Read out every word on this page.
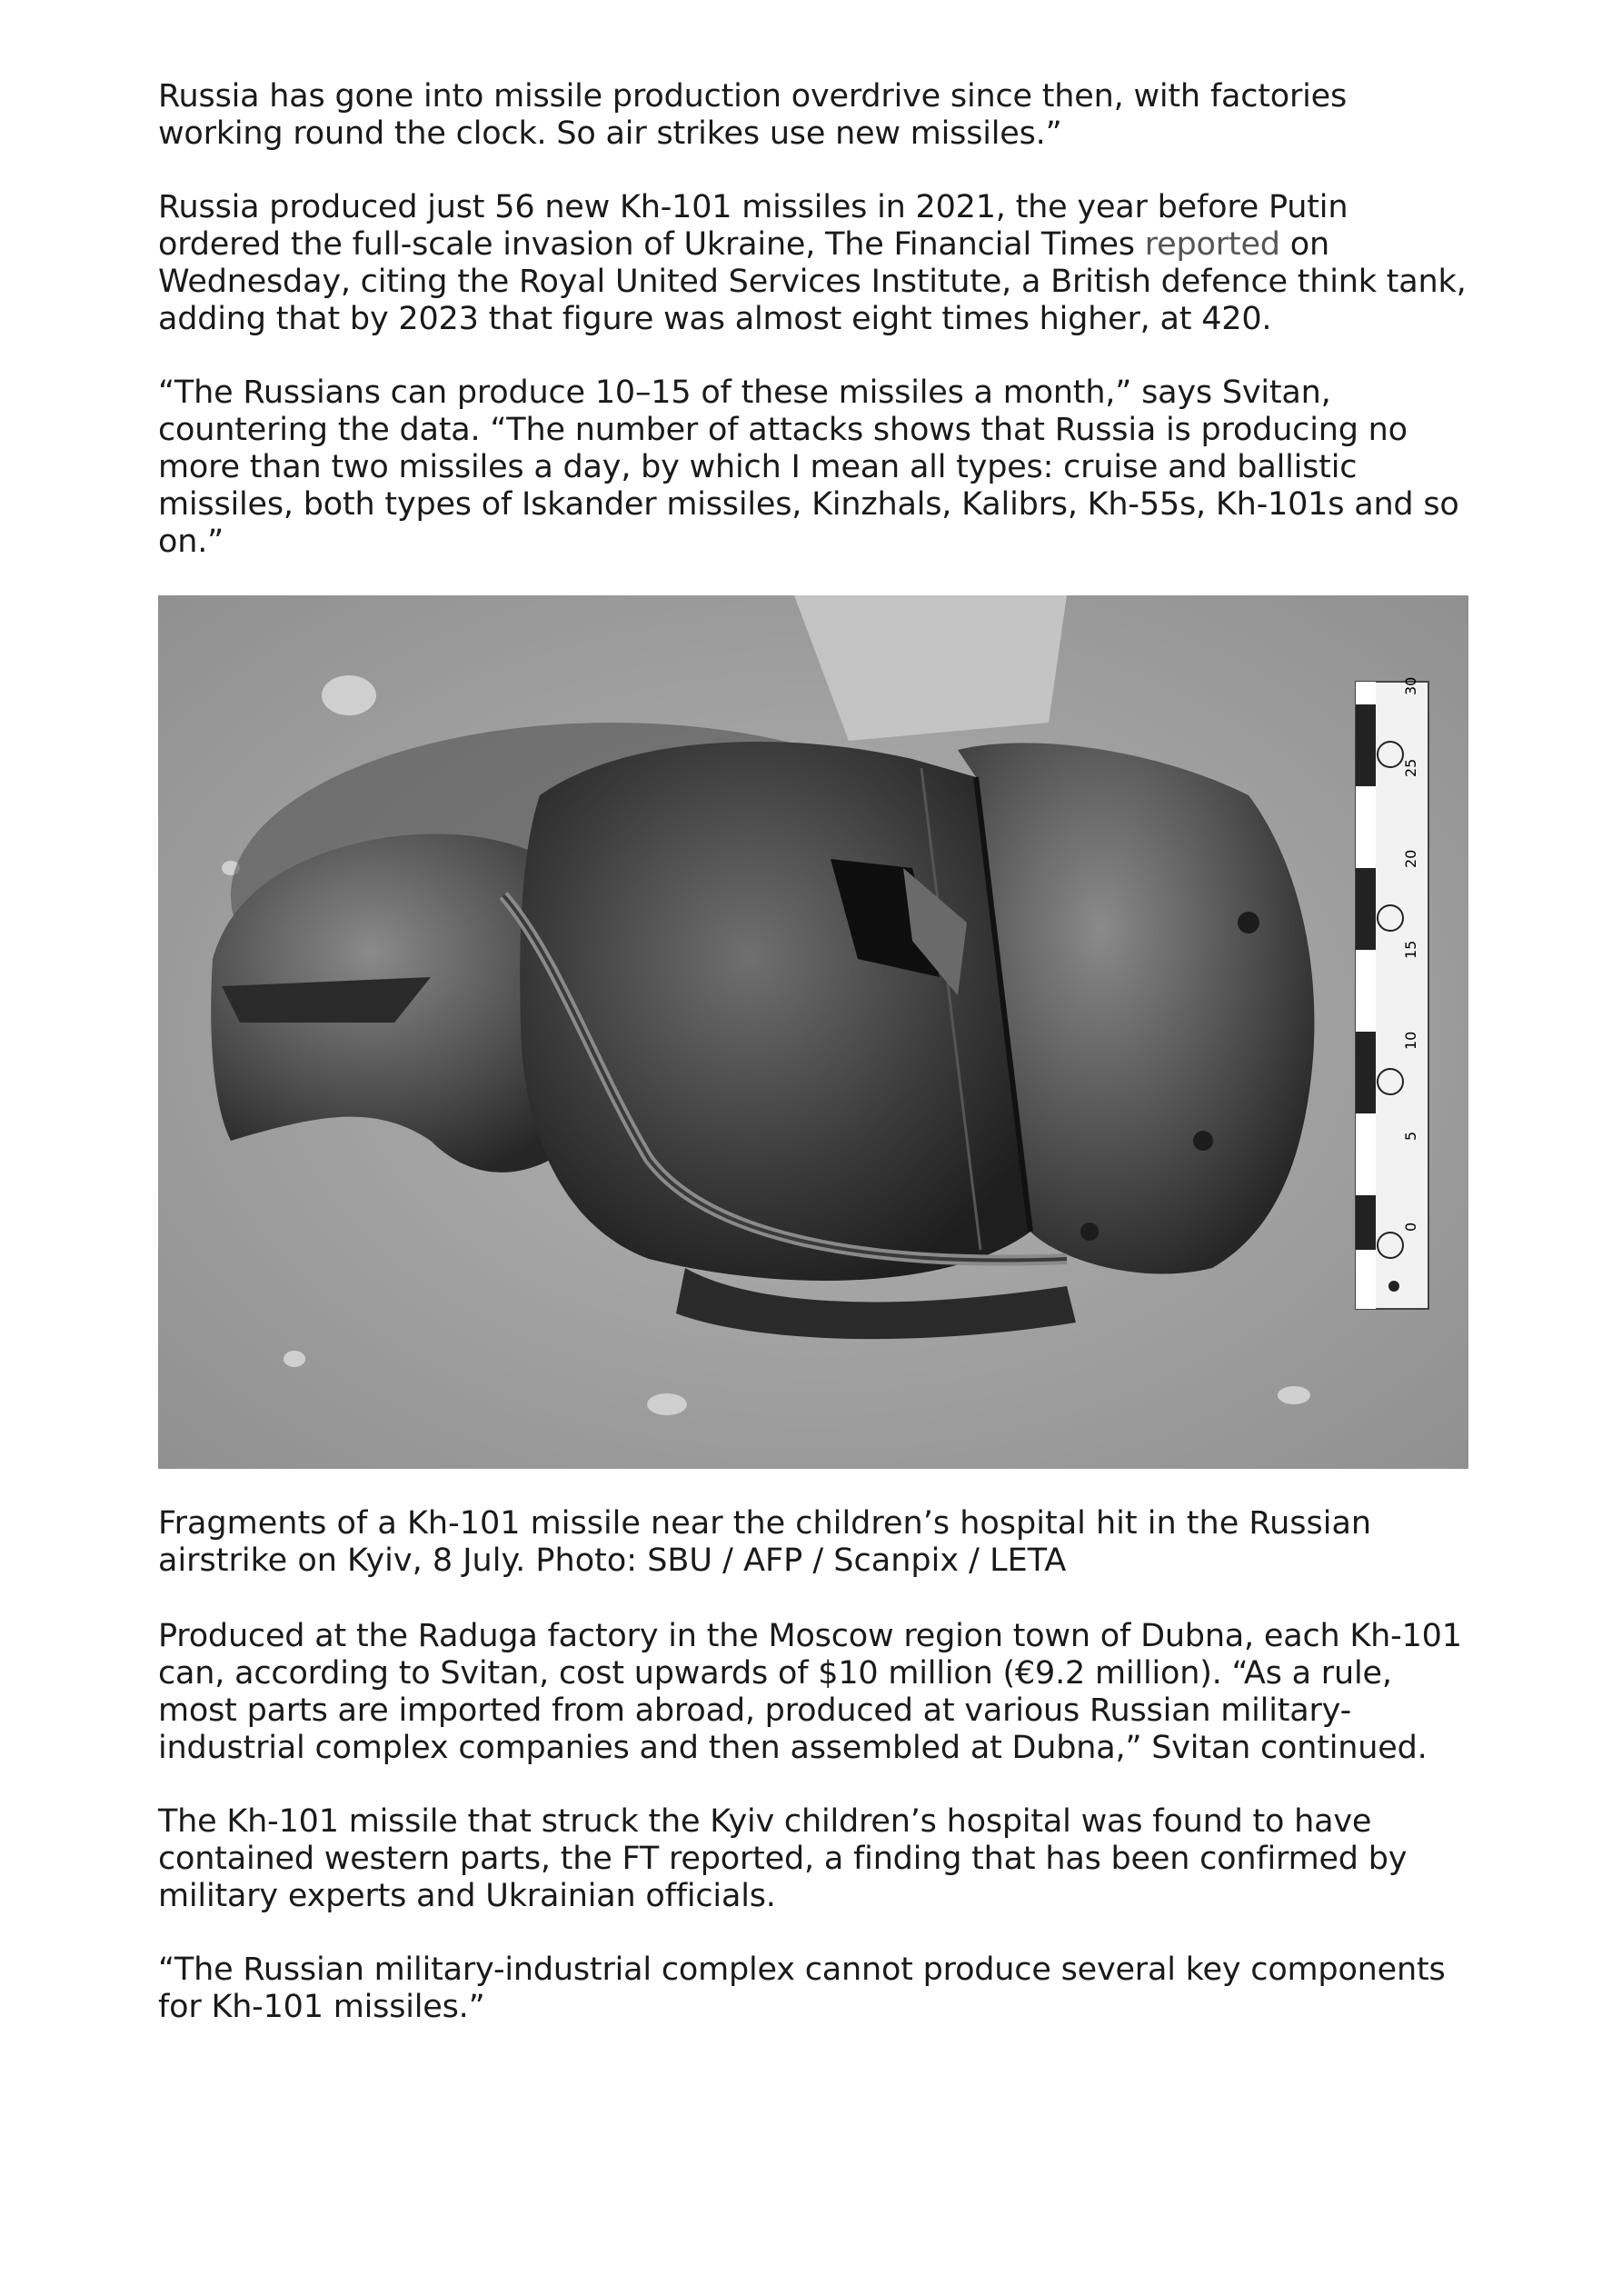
Russia has gone into missile production overdrive since then, with factories working round the clock. So air strikes use new missiles.”

Russia produced just 56 new Kh-101 missiles in 2021, the year before Putin ordered the full-scale invasion of Ukraine, The Financial Times reported on Wednesday, citing the Royal United Services Institute, a British defence think tank, adding that by 2023 that figure was almost eight times higher, at 420.

“The Russians can produce 10–15 of these missiles a month,” says Svitan, countering the data. “The number of attacks shows that Russia is producing no more than two missiles a day, by which I mean all types: cruise and ballistic missiles, both types of Iskander missiles, Kinzhals, Kalibrs, Kh-55s, Kh-101s and so on.”

30
25
20
15
10
5
0

Fragments of a Kh-101 missile near the children’s hospital hit in the Russian airstrike on Kyiv, 8 July. Photo: SBU / AFP / Scanpix / LETA

Produced at the Raduga factory in the Moscow region town of Dubna, each Kh-101 can, according to Svitan, cost upwards of $10 million (€9.2 million). “As a rule, most parts are imported from abroad, produced at various Russian military-industrial complex companies and then assembled at Dubna,” Svitan continued.

The Kh-101 missile that struck the Kyiv children’s hospital was found to have contained western parts, the FT reported, a finding that has been confirmed by military experts and Ukrainian officials.

“The Russian military-industrial complex cannot produce several key components for Kh-101 missiles.”
